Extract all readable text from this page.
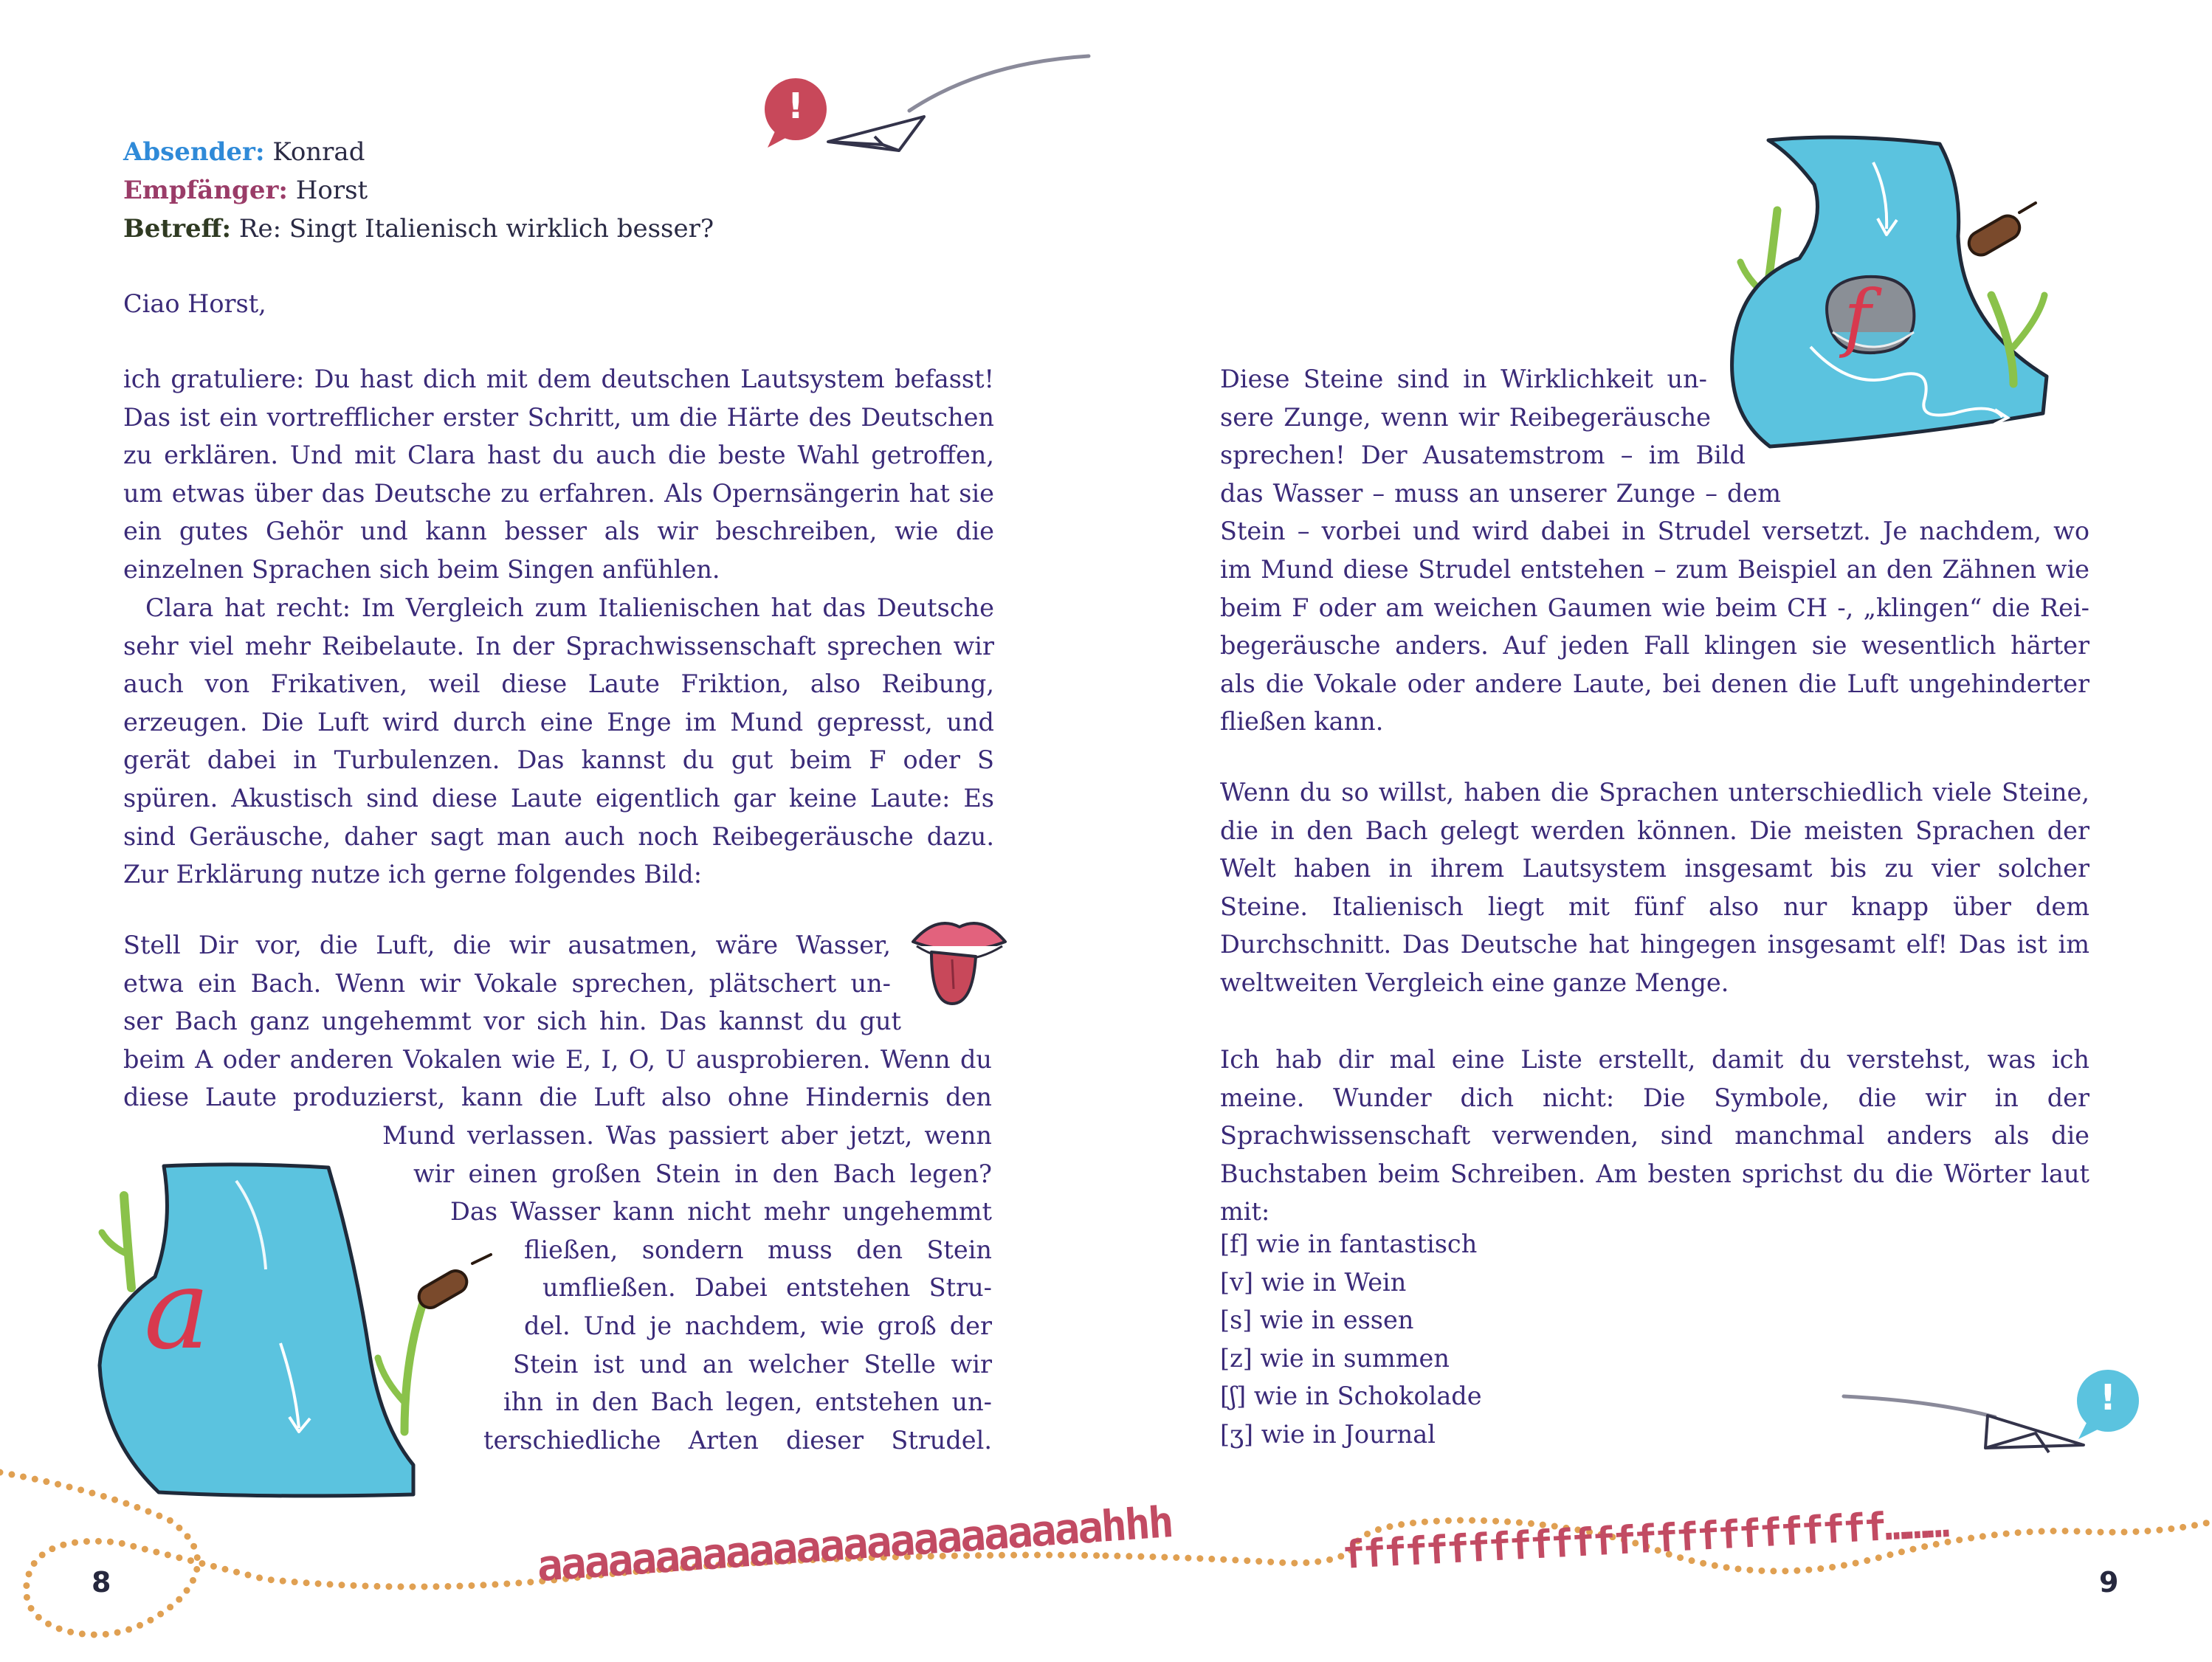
!
Absender: Konrad
Empfänger: Horst
Betreff: Re: Singt Italienisch wirklich besser?
Ciao Horst,

ich gratuliere: Du hast dich mit dem deutschen Lautsystem befasst! Das ist ein vortrefflicher erster Schritt, um die Härte des Deutschen zu erklären. Und mit Clara hast du auch die beste Wahl getroffen, um etwas über das Deutsche zu erfahren. Als Opernsängerin hat sie ein gutes Gehör und kann besser als wir beschreiben, wie die einzelnen Sprachen sich beim Singen anfühlen.

Clara hat recht: Im Vergleich zum Italienischen hat das Deutsche sehr viel mehr Reibelaute. In der Sprachwissenschaft sprechen wir auch von Frikativen, weil diese Laute Friktion, also Reibung, erzeugen. Die Luft wird durch eine Enge im Mund gepresst, und gerät dabei in Turbulenzen. Das kannst du gut beim F oder S spüren. Akustisch sind diese Laute eigentlich gar keine Laute: Es sind Geräusche, daher sagt man auch noch Reibegeräusche dazu. Zur Erklärung nutze ich gerne folgendes Bild:

Stell Dir vor, die Luft, die wir ausatmen, wäre Wasser,
etwa ein Bach. Wenn wir Vokale sprechen, plätschert un-
ser Bach ganz ungehemmt vor sich hin. Das kannst du gut
beim A oder anderen Vokalen wie E, I, O, U ausprobieren. Wenn du
diese Laute produzierst, kann die Luft also ohne Hindernis den
Mund verlassen. Was passiert aber jetzt, wenn
wir einen großen Stein in den Bach legen?
Das Wasser kann nicht mehr ungehemmt
fließen, sondern muss den Stein
umfließen. Dabei entstehen Stru-
del. Und je nachdem, wie groß der
Stein ist und an welcher Stelle wir
ihn in den Bach legen, entstehen un-
terschiedliche Arten dieser Strudel.
a
8	aaaaaaaaaaaaaaaaaaaaaaaahhh
f
Diese Steine sind in Wirklichkeit un-
sere Zunge, wenn wir Reibegeräusche
sprechen! Der Ausatemstrom – im Bild
das Wasser – muss an unserer Zunge – dem
Stein – vorbei und wird dabei in Strudel versetzt. Je nachdem, wo
im Mund diese Strudel entstehen – zum Beispiel an den Zähnen wie
beim F oder am weichen Gaumen wie beim CH -, „klingen“ die Rei-
begeräusche anders. Auf jeden Fall klingen sie wesentlich härter
als die Vokale oder andere Laute, bei denen die Luft ungehinderter
fließen kann.

Wenn du so willst, haben die Sprachen unterschiedlich viele Steine, die in den Bach gelegt werden können. Die meisten Sprachen der Welt haben in ihrem Lautsystem insgesamt bis zu vier solcher Steine. Italienisch liegt mit fünf also nur knapp über dem Durchschnitt. Das Deutsche hat hingegen insgesamt elf! Das ist im weltweiten Vergleich eine ganze Menge.

Ich hab dir mal eine Liste erstellt, damit du verstehst, was ich meine. Wunder dich nicht: Die Symbole, die wir in der Sprachwissenschaft verwenden, sind manchmal anders als die Buchstaben beim Schreiben. Am besten sprichst du die Wörter laut mit:

[f] wie in fantastisch
[v] wie in Wein
[s] wie in essen
[z] wie in summen
[ʃ] wie in Schokolade
[ʒ] wie in Journal
!
ffffffffffffffffffffffffff………
9
